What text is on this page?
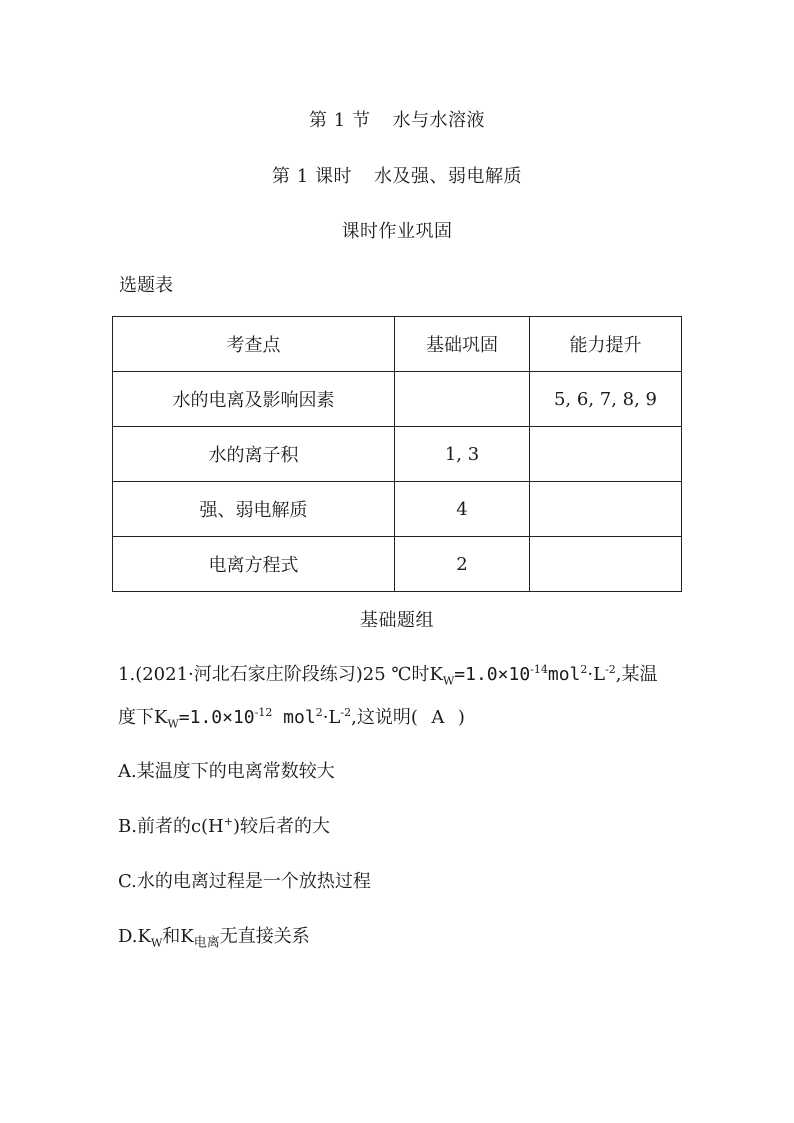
第 1 节 水与水溶液
第 1 课时 水及强、弱电解质
课时作业巩固
选题表
考查点	基础巩固	能力提升
水的电离及影响因素		5, 6, 7, 8, 9
水的离子积	1, 3	
强、弱电解质	4	
电离方程式	2	
基础题组
1.(2021·河北石家庄阶段练习)25 ℃时$K_W=1.0\times 10^{-14}mol^2\cdot L^{-2}$,某温
度下$K_W=1.0\times 10^{-12}$ $mol^2\cdot L^{-2}$,这说明( A )
A.某温度下的电离常数较大
B.前者的c(H+)较后者的大
C.水的电离过程是一个放热过程
$D.K_W$和$K_{电离}$无直接关系
